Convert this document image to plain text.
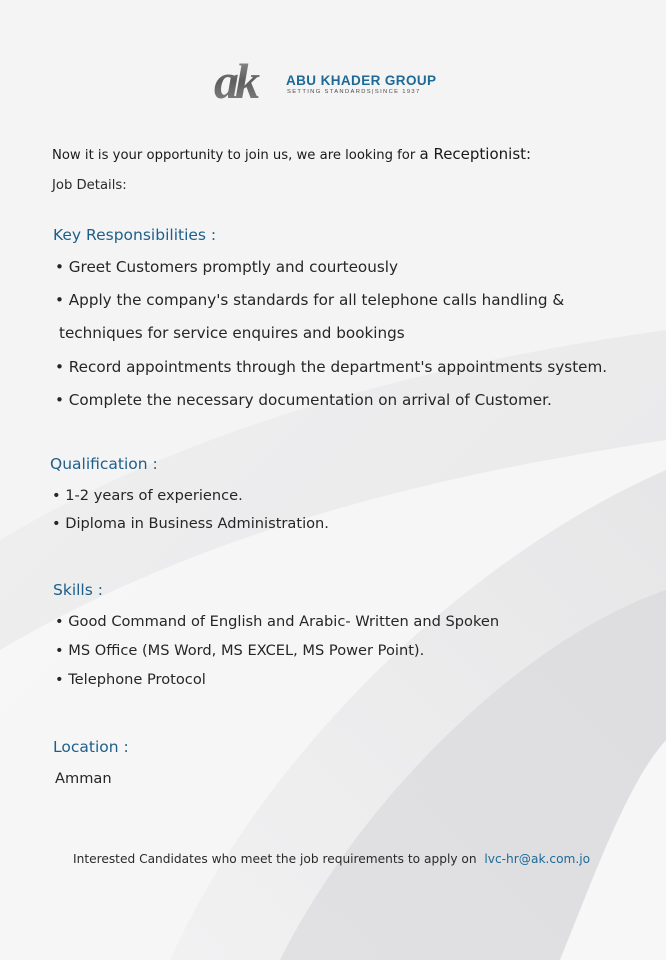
ak ABU KHADER GROUP
SETTING STANDARDS|SINCE 1937
Now it is your opportunity to join us, we are looking for a Receptionist:
Job Details:
Key Responsibilities :
• Greet Customers promptly and courteously
• Apply the company's standards for all telephone calls handling &
techniques for service enquires and bookings
• Record appointments through the department's appointments system.
• Complete the necessary documentation on arrival of Customer.
Qualification :
• 1-2 years of experience.
• Diploma in Business Administration.
Skills :
• Good Command of English and Arabic- Written and Spoken
• MS Office (MS Word, MS EXCEL, MS Power Point).
• Telephone Protocol
Location :
Amman
Interested Candidates who meet the job requirements to apply on lvc-hr@ak.com.jo
